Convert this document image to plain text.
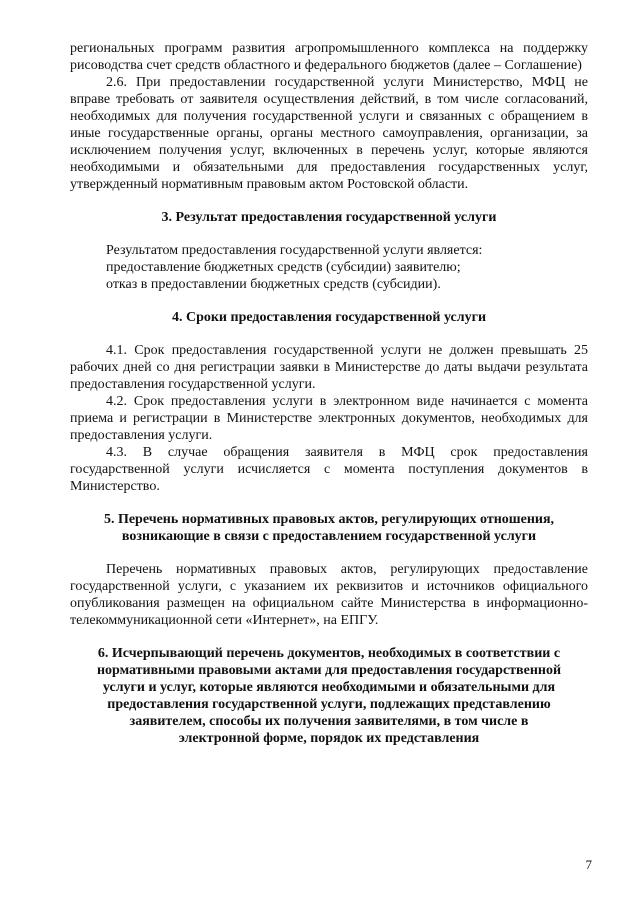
региональных программ развития агропромышленного комплекса на поддержку рисоводства счет средств областного и федерального бюджетов (далее – Соглашение)

2.6. При предоставлении государственной услуги Министерство, МФЦ не вправе требовать от заявителя осуществления действий, в том числе согласований, необходимых для получения государственной услуги и связанных с обращением в иные государственные органы, органы местного самоуправления, организации, за исключением получения услуг, включенных в перечень услуг, которые являются необходимыми и обязательными для предоставления государственных услуг, утвержденный нормативным правовым актом Ростовской области.

3. Результат предоставления государственной услуги

Результатом предоставления государственной услуги является:

предоставление бюджетных средств (субсидии) заявителю;

отказ в предоставлении бюджетных средств (субсидии).

4. Сроки предоставления государственной услуги

4.1. Срок предоставления государственной услуги не должен превышать 25 рабочих дней со дня регистрации заявки в Министерстве до даты выдачи результата предоставления государственной услуги.

4.2. Срок предоставления услуги в электронном виде начинается с момента приема и регистрации в Министерстве электронных документов, необходимых для предоставления услуги.

4.3. В случае обращения заявителя в МФЦ срок предоставления государственной услуги исчисляется с момента поступления документов в Министерство.

5. Перечень нормативных правовых актов, регулирующих отношения, возникающие в связи с предоставлением государственной услуги

Перечень нормативных правовых актов, регулирующих предоставление государственной услуги, с указанием их реквизитов и источников официального опубликования размещен на официальном сайте Министерства в информационно-телекоммуникационной сети «Интернет», на ЕПГУ.

6. Исчерпывающий перечень документов, необходимых в соответствии с нормативными правовыми актами для предоставления государственной услуги и услуг, которые являются необходимыми и обязательными для предоставления государственной услуги, подлежащих представлению заявителем, способы их получения заявителями, в том числе в электронной форме, порядок их представления
7
